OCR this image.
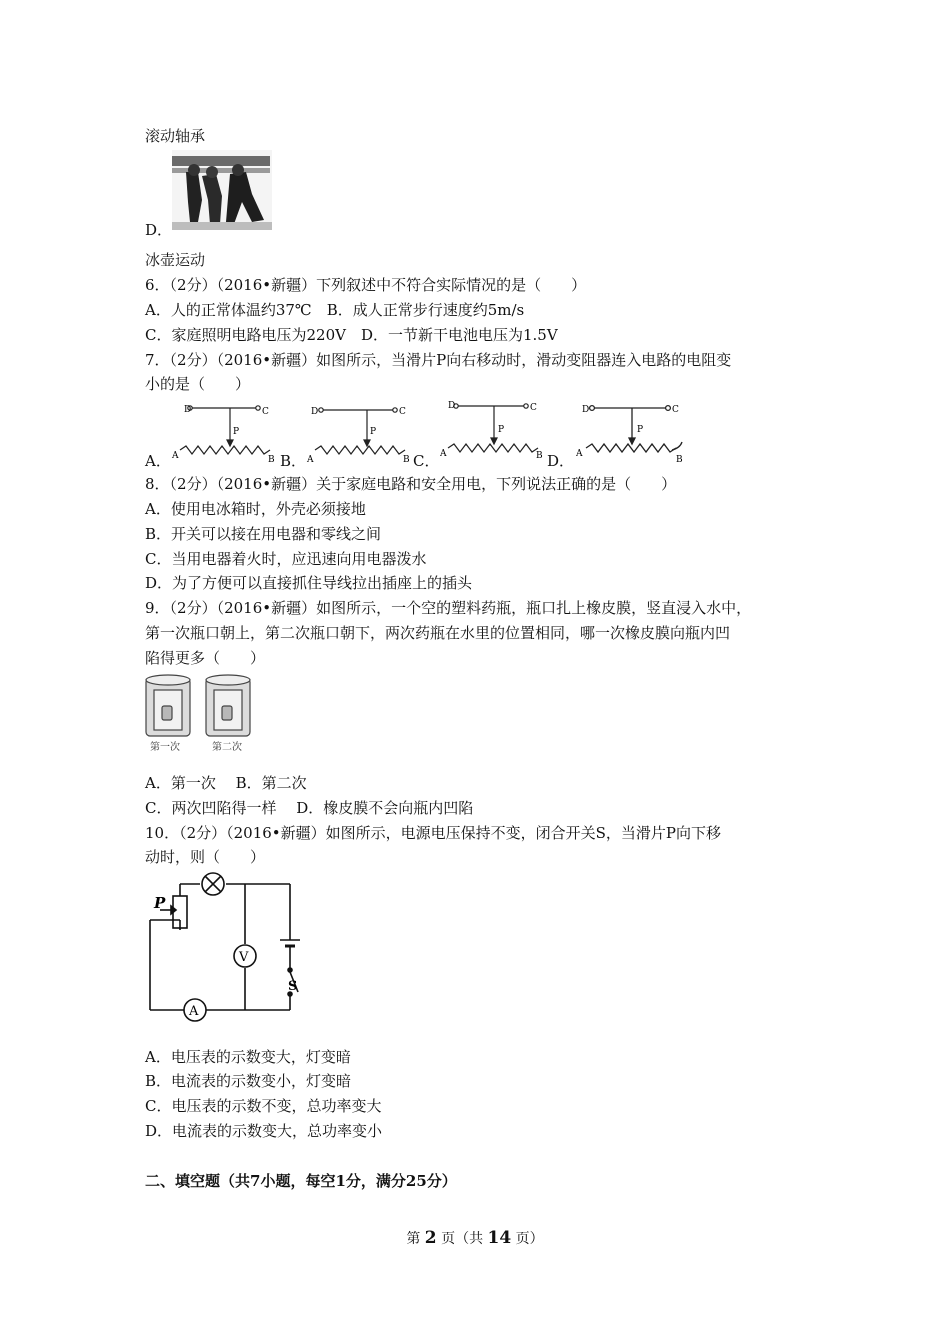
滚动轴承
D．
冰壶运动
6．（2分）（2016•新疆）下列叙述中不符合实际情况的是（　　）
A．人的正常体温约37℃　B．成人正常步行速度约5m/s
C．家庭照明电路电压为220V　D．一节新干电池电压为1.5V
7．（2分）（2016•新疆）如图所示，当滑片P向右移动时，滑动变阻器连入电路的电阻变
小的是（　　）
A．
D	C
P
A	B B．
D	C
P
A	B C．
D	C
P
A	B D．
D	C
P
A
B
8．（2分）（2016•新疆）关于家庭电路和安全用电，下列说法正确的是（　　）
A．使用电冰箱时，外壳必须接地
B．开关可以接在用电器和零线之间
C．当用电器着火时，应迅速向用电器泼水
D．为了方便可以直接抓住导线拉出插座上的插头
9．（2分）（2016•新疆）如图所示，一个空的塑料药瓶，瓶口扎上橡皮膜，竖直浸入水中，
第一次瓶口朝上，第二次瓶口朝下，两次药瓶在水里的位置相同，哪一次橡皮膜向瓶内凹
陷得更多（　　）
第一次	第二次
A．第一次　 B．第二次
C．两次凹陷得一样　 D．橡皮膜不会向瓶内凹陷
10．（2分）（2016•新疆）如图所示，电源电压保持不变，闭合开关S，当滑片P向下移
动时，则（　　）
P
V
A
S
A．电压表的示数变大，灯变暗
B．电流表的示数变小，灯变暗
C．电压表的示数不变，总功率变大
D．电流表的示数变大，总功率变小
二、填空题（共7小题，每空1分，满分25分）
第 2 页（共 14 页）
